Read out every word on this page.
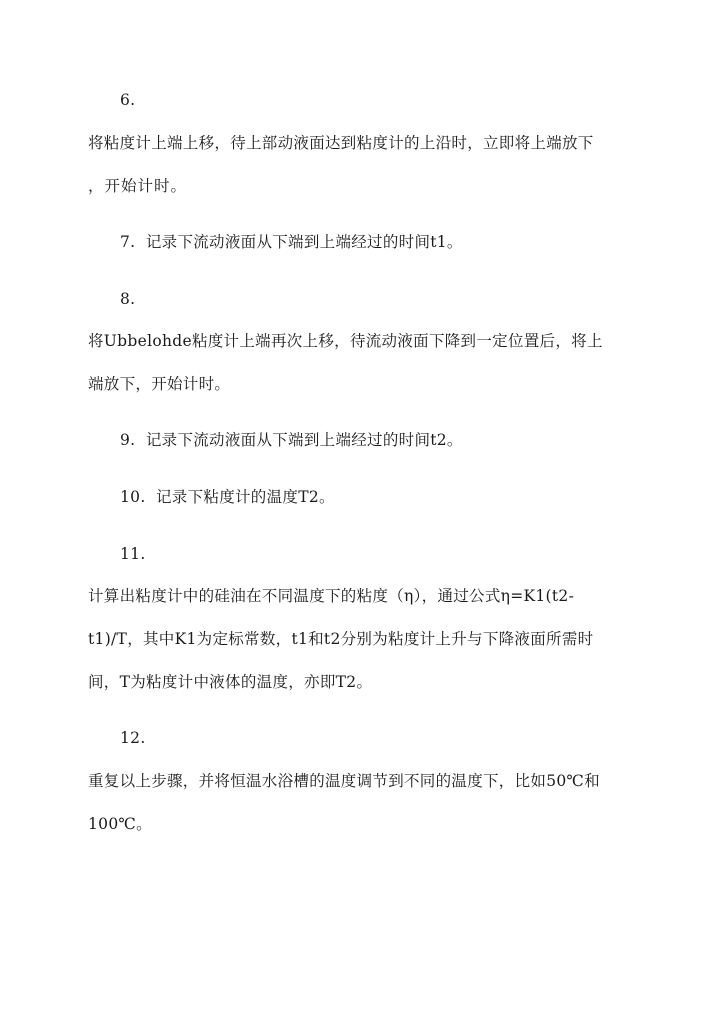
6.
将粘度计上端上移，待上部动液面达到粘度计的上沿时，立即将上端放下
，开始计时。
7.  记录下流动液面从下端到上端经过的时间t1。
8.
将Ubbelohde粘度计上端再次上移，待流动液面下降到一定位置后，将上
端放下，开始计时。
9.  记录下流动液面从下端到上端经过的时间t2。
10.  记录下粘度计的温度T2。
11.
计算出粘度计中的硅油在不同温度下的粘度（η），通过公式η=K1(t2-
t1)/T，其中K1为定标常数，t1和t2分别为粘度计上升与下降液面所需时
间，T为粘度计中液体的温度，亦即T2。
12.
重复以上步骤，并将恒温水浴槽的温度调节到不同的温度下，比如50℃和
100℃。
